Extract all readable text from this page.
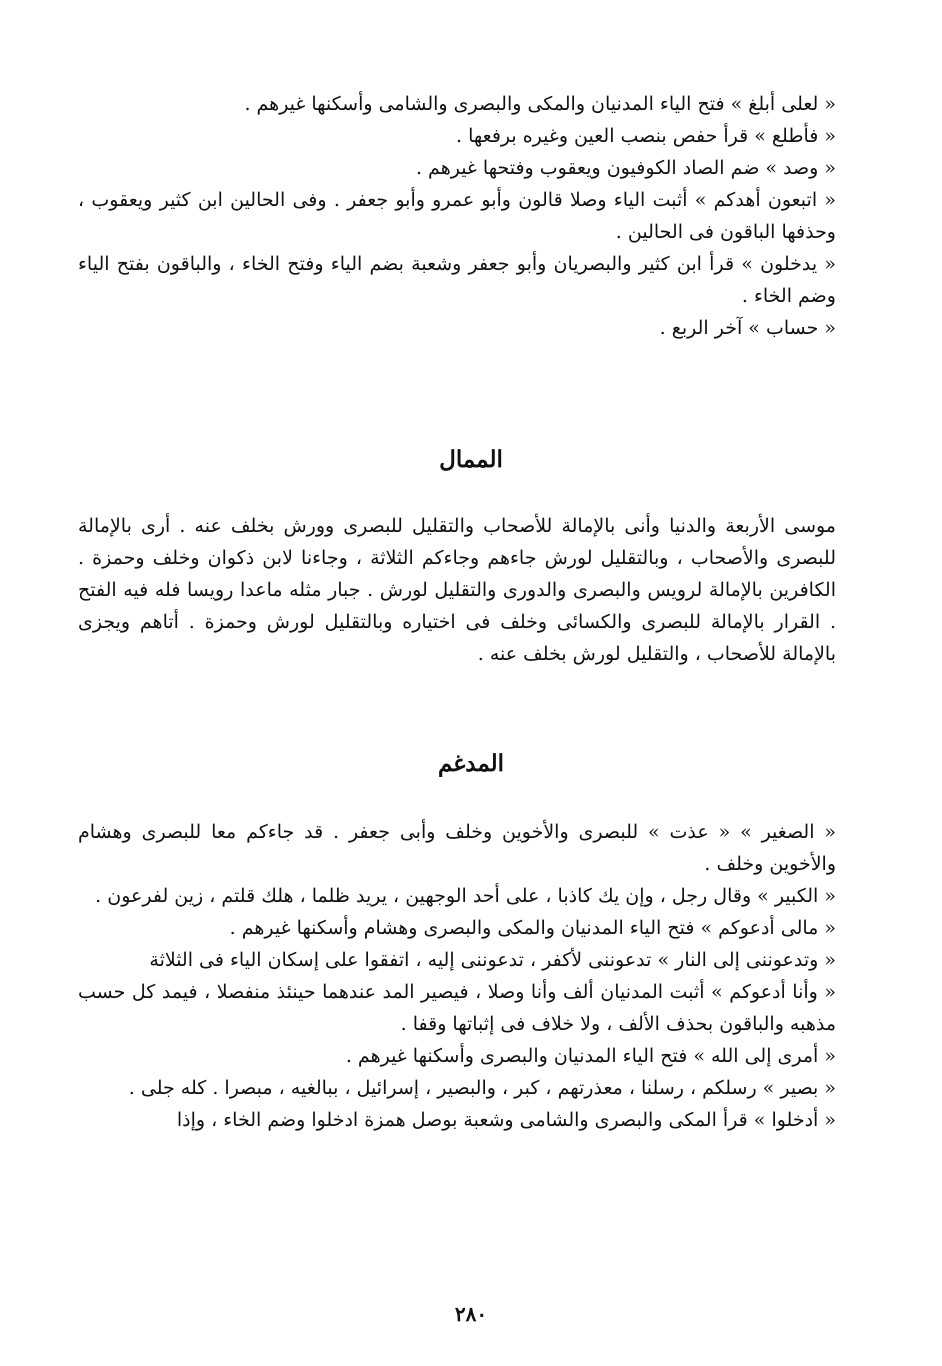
« لعلى أبلغ » فتح الياء المدنيان والمكى والبصرى والشامى وأسكنها غيرهم .

« فأطلع » قرأ حفص بنصب العين وغيره برفعها .

« وصد » ضم الصاد الكوفيون ويعقوب وفتحها غيرهم .

« اتبعون أهدكم » أثبت الياء وصلا قالون وأبو عمرو وأبو جعفر . وفى الحالين ابن كثير ويعقوب ، وحذفها الباقون فى الحالين .

« يدخلون » قرأ ابن كثير والبصريان وأبو جعفر وشعبة بضم الياء وفتح الخاء ، والباقون بفتح الياء وضم الخاء .

« حساب » آخر الربع .

الممال

موسى الأربعة والدنيا وأنى بالإمالة للأصحاب والتقليل للبصرى وورش بخلف عنه . أرى بالإمالة للبصرى والأصحاب ، وبالتقليل لورش جاءهم وجاءكم الثلاثة ، وجاءنا لابن ذكوان وخلف وحمزة . الكافرين بالإمالة لرويس والبصرى والدورى والتقليل لورش . جبار مثله ماعدا رويسا فله فيه الفتح . القرار بالإمالة للبصرى والكسائى وخلف فى اختياره وبالتقليل لورش وحمزة . أتاهم ويجزى بالإمالة للأصحاب ، والتقليل لورش بخلف عنه .

المدغم

« الصغير » « عذت » للبصرى والأخوين وخلف وأبى جعفر . قد جاءكم معا للبصرى وهشام والأخوين وخلف .

« الكبير » وقال رجل ، وإن يك كاذبا ، على أحد الوجهين ، يريد ظلما ، هلك قلتم ، زين لفرعون .

« مالى أدعوكم » فتح الياء المدنيان والمكى والبصرى وهشام وأسكنها غيرهم .

« وتدعوننى إلى النار » تدعوننى لأكفر ، تدعوننى إليه ، اتفقوا على إسكان الياء فى الثلاثة

« وأنا أدعوكم » أثبت المدنيان ألف وأنا وصلا ، فيصير المد عندهما حينئذ منفصلا ، فيمد كل حسب مذهبه والباقون بحذف الألف ، ولا خلاف فى إثباتها وقفا .

« أمرى إلى الله » فتح الياء المدنيان والبصرى وأسكنها غيرهم .

« بصير » رسلكم ، رسلنا ، معذرتهم ، كبر ، والبصير ، إسرائيل ، ببالغيه ، مبصرا . كله جلى .

« أدخلوا » قرأ المكى والبصرى والشامى وشعبة بوصل همزة ادخلوا وضم الخاء ، وإذا

٢٨٠
